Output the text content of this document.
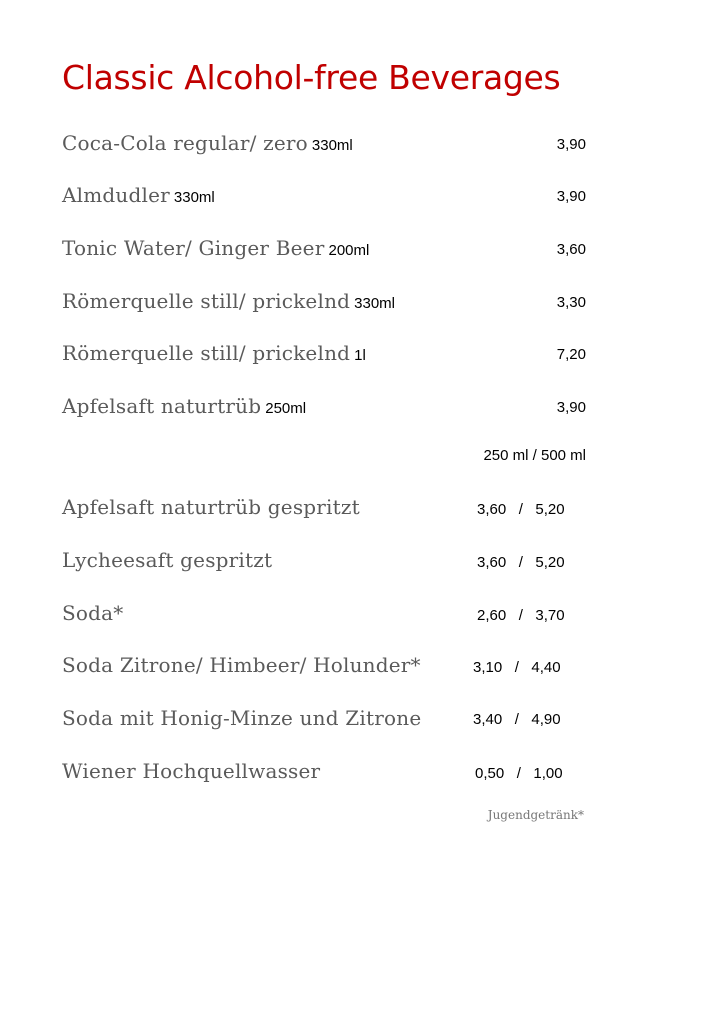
Classic Alcohol-free Beverages
Coca-Cola regular/ zero 330ml	3,90
Almdudler 330ml	3,90
Tonic Water/ Ginger Beer 200ml	3,60
Römerquelle still/ prickelnd 330ml	3,30
Römerquelle still/ prickelnd 1l	7,20
Apfelsaft naturtrüb 250ml	3,90
250 ml / 500 ml
Apfelsaft naturtrüb gespritzt	3,60   /   5,20
Lycheesaft gespritzt	3,60   /   5,20
Soda*	2,60   /   3,70
Soda Zitrone/ Himbeer/ Holunder*	3,10   /   4,40
Soda mit Honig-Minze und Zitrone	3,40   /   4,90
Wiener Hochquellwasser	0,50   /   1,00
Jugendgetränk*
